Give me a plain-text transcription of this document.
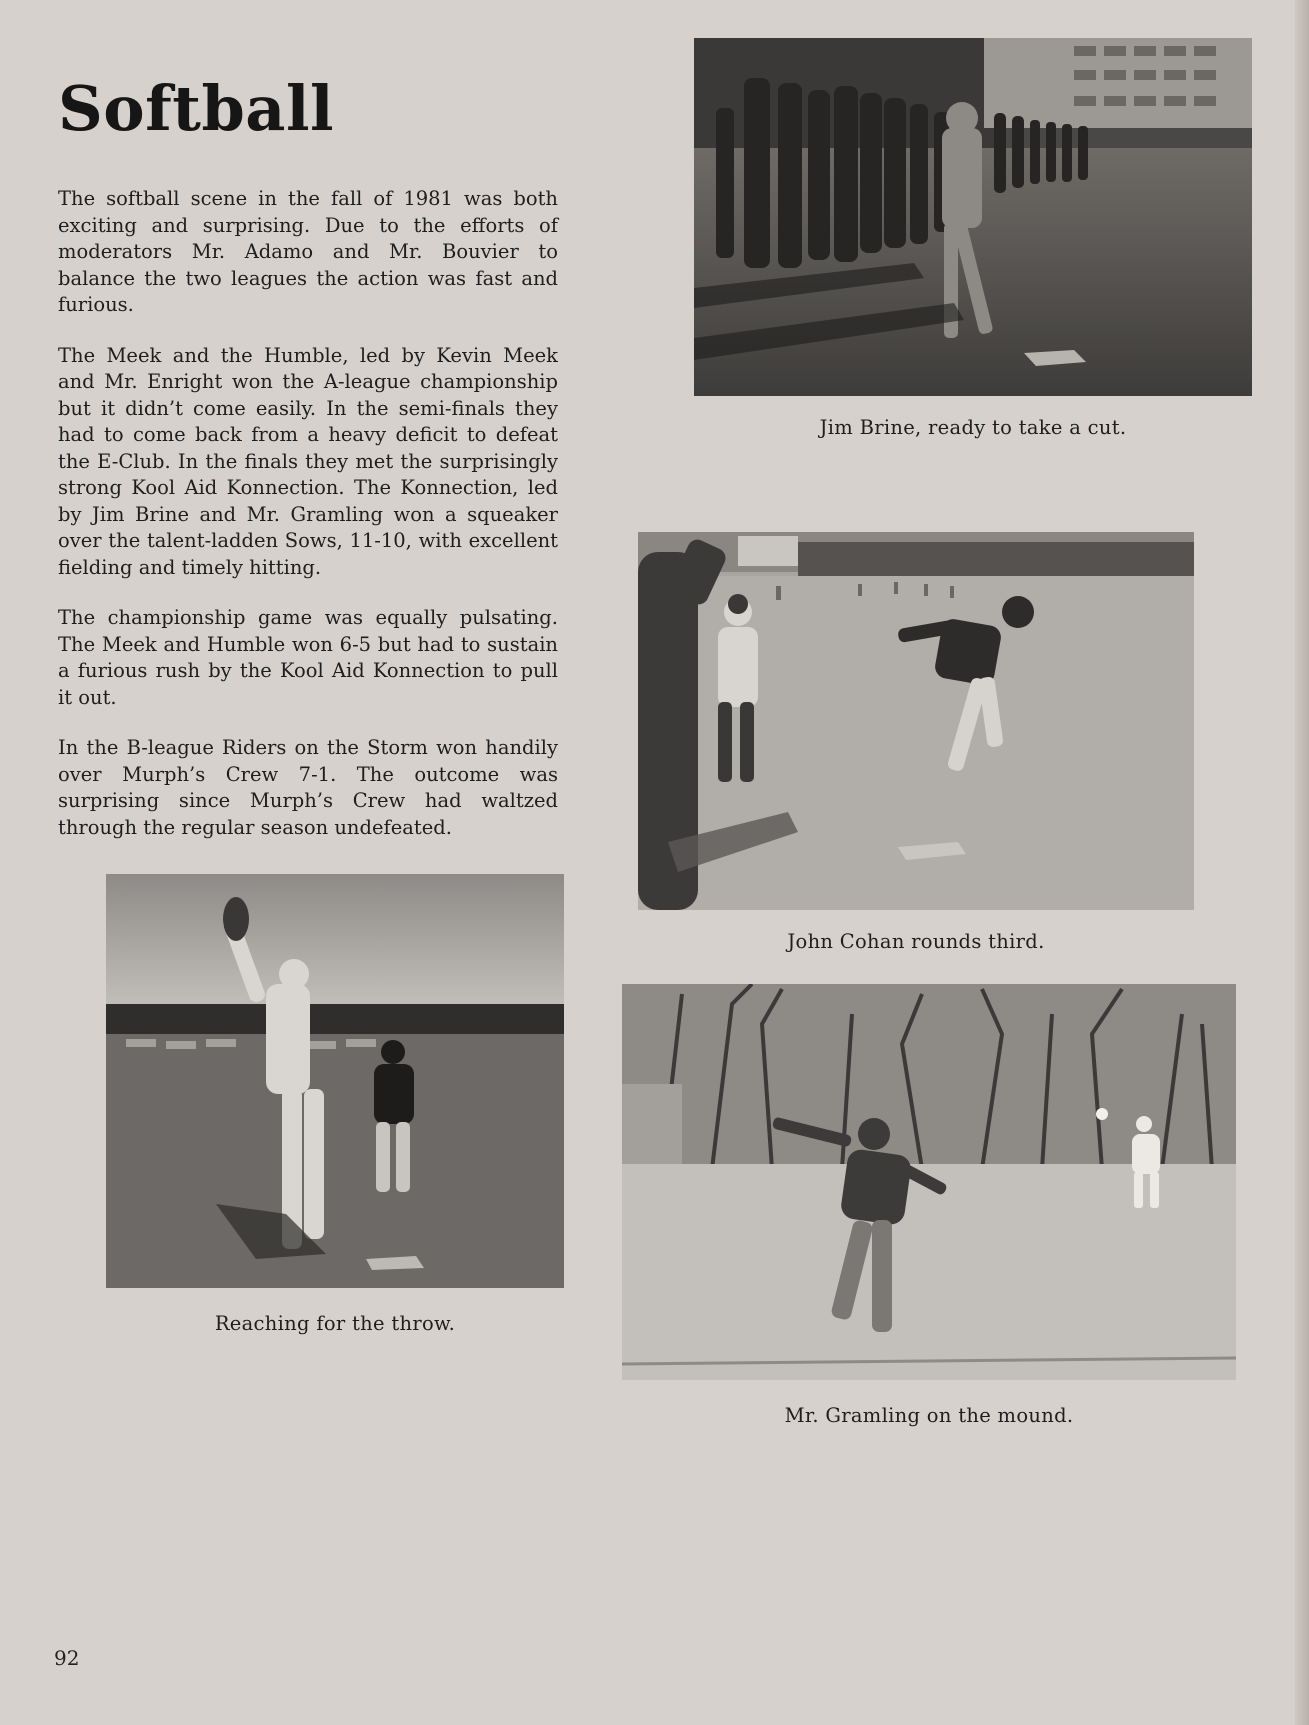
Softball

The softball scene in the fall of 1981 was both exciting and surprising. Due to the efforts of moderators Mr. Adamo and Mr. Bouvier to balance the two leagues the action was fast and furious.

The Meek and the Humble, led by Kevin Meek and Mr. Enright won the A-league championship but it didn’t come easily. In the semi-finals they had to come back from a heavy deficit to defeat the E-Club. In the finals they met the surprisingly strong Kool Aid Konnection. The Konnection, led by Jim Brine and Mr. Gramling won a squeaker over the talent-ladden Sows, 11-10, with excellent fielding and timely hitting.

The championship game was equally pulsating. The Meek and Humble won 6-5 but had to sustain a furious rush by the Kool Aid Konnection to pull it out.

In the B-league Riders on the Storm won handily over Murph’s Crew 7-1. The outcome was surprising since Murph’s Crew had waltzed through the regular season undefeated.

Jim Brine, ready to take a cut.
John Cohan rounds third.
Reaching for the throw.
Mr. Gramling on the mound.
92
